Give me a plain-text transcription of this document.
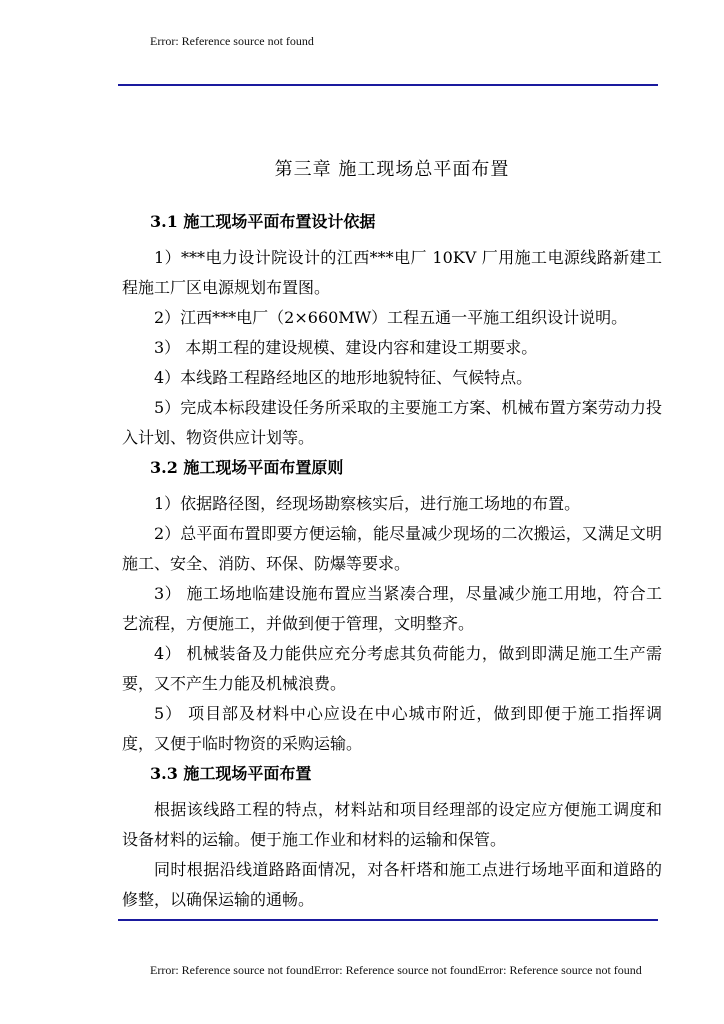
Error: Reference source not found
第三章 施工现场总平面布置
3.1 施工现场平面布置设计依据

1）***电力设计院设计的江西***电厂 10KV 厂用施工电源线路新建工程施工厂区电源规划布置图。

2）江西***电厂（2×660MW）工程五通一平施工组织设计说明。

3） 本期工程的建设规模、建设内容和建设工期要求。

4）本线路工程路经地区的地形地貌特征、气候特点。

5）完成本标段建设任务所采取的主要施工方案、机械布置方案劳动力投入计划、物资供应计划等。

3.2 施工现场平面布置原则

1）依据路径图，经现场勘察核实后，进行施工场地的布置。

2）总平面布置即要方便运输，能尽量减少现场的二次搬运，又满足文明施工、安全、消防、环保、防爆等要求。

3） 施工场地临建设施布置应当紧凑合理，尽量减少施工用地，符合工艺流程，方便施工，并做到便于管理，文明整齐。

4） 机械装备及力能供应充分考虑其负荷能力，做到即满足施工生产需要，又不产生力能及机械浪费。

5） 项目部及材料中心应设在中心城市附近，做到即便于施工指挥调度，又便于临时物资的采购运输。

3.3 施工现场平面布置

根据该线路工程的特点，材料站和项目经理部的设定应方便施工调度和设备材料的运输。便于施工作业和材料的运输和保管。

同时根据沿线道路路面情况，对各杆塔和施工点进行场地平面和道路的修整，以确保运输的通畅。

Error: Reference source not foundError: Reference source not foundError: Reference source not found
